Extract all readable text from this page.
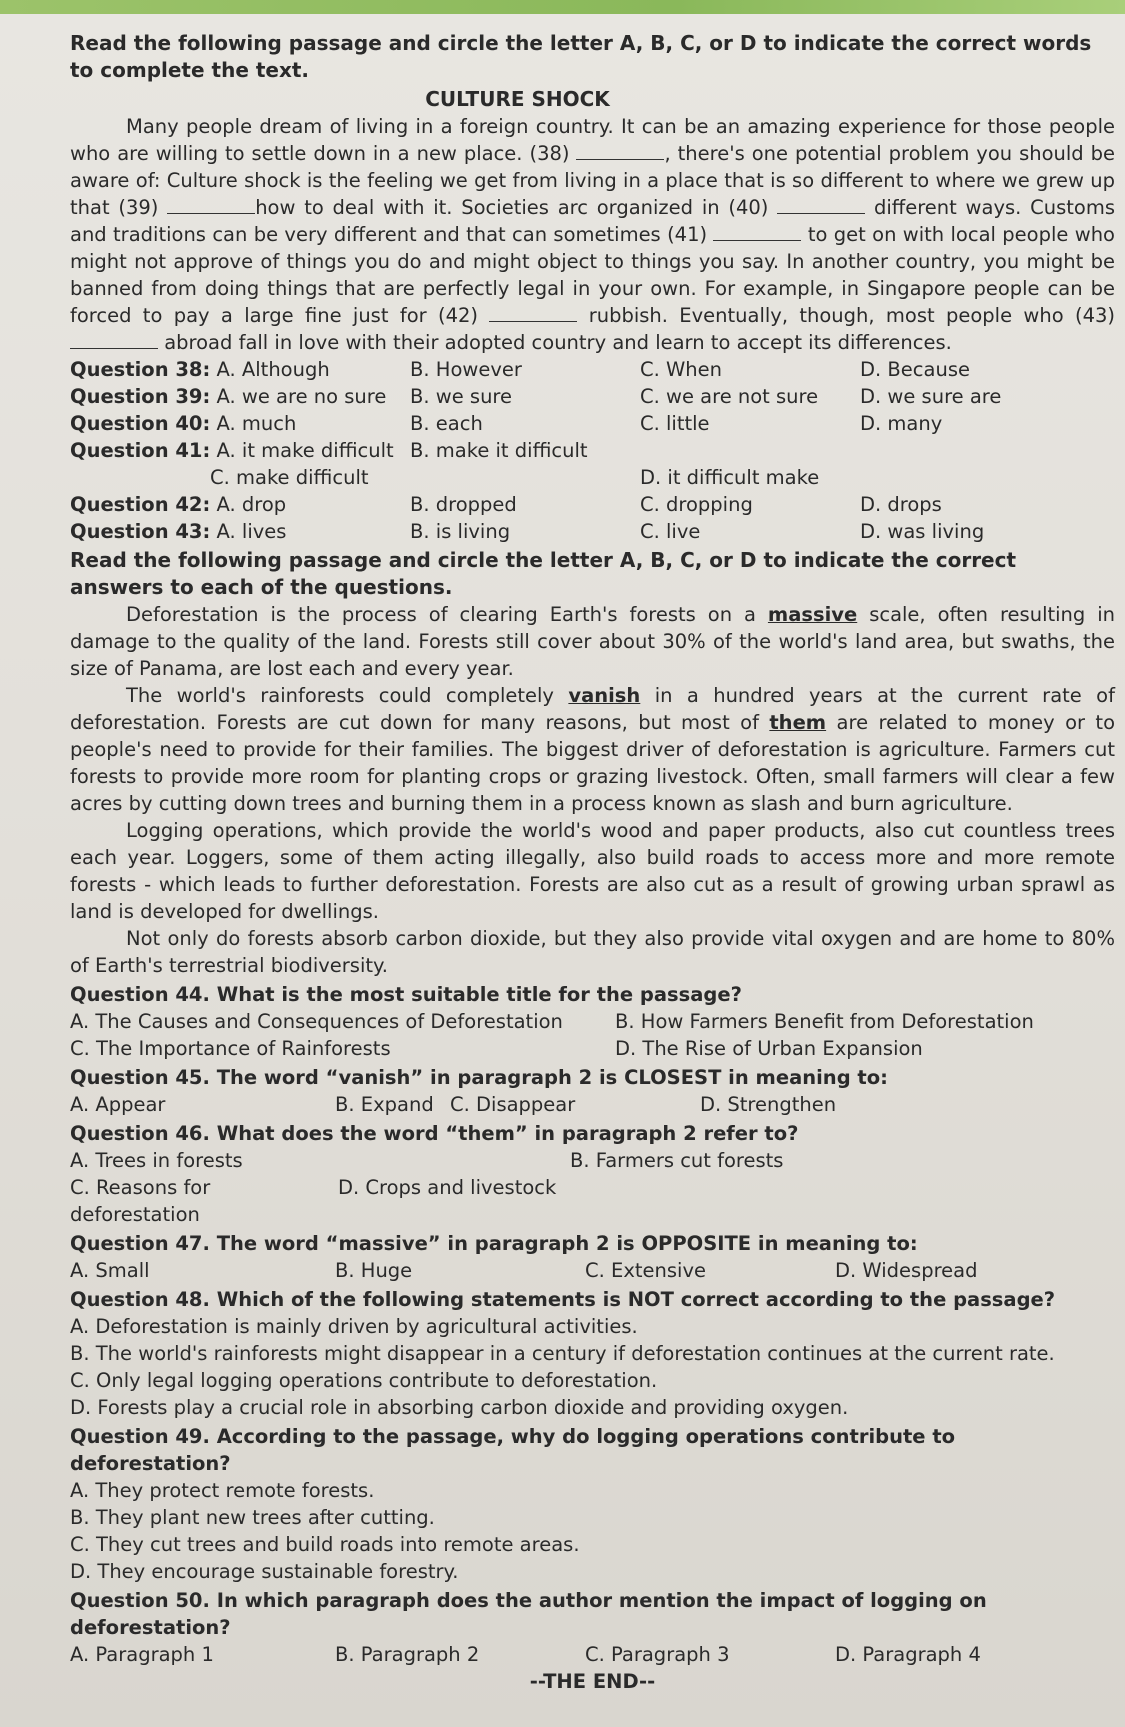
Read the following passage and circle the letter A, B, C, or D to indicate the correct words to complete the text.

CULTURE SHOCK

Many people dream of living in a foreign country. It can be an amazing experience for those people who are willing to settle down in a new place. (38)	, there's one potential problem you should be aware of: Culture shock is the feeling we get from living in a place that is so different to where we grew up that (39)	how to deal with it. Societies arc organized in (40)	different ways. Customs and traditions can be very different and that can sometimes (41)	to get on with local people who might not approve of things you do and might object to things you say. In another country, you might be banned from doing things that are perfectly legal in your own. For example, in Singapore people can be forced to pay a large fine just for (42)	rubbish. Eventually, though, most people who (43)  abroad fall in love with their adopted country and learn to accept its differences.

Question 38: A. Although	B. However	C. When	D. Because
Question 39: A. we are no sure	B. we sure	C. we are not sure	D. we sure are
Question 40: A. much	B. each	C. little	D. many
Question 41: A. it make difficult B. make it difficult
C. make difficult	D. it difficult make
Question 42: A. drop	B. dropped	C. dropping	D. drops
Question 43: A. lives	B. is living	C. live	D. was living

Read the following passage and circle the letter A, B, C, or D to indicate the correct answers to each of the questions.

Deforestation is the process of clearing Earth's forests on a massive scale, often resulting in damage to the quality of the land. Forests still cover about 30% of the world's land area, but swaths, the size of Panama, are lost each and every year.

The world's rainforests could completely vanish in a hundred years at the current rate of deforestation. Forests are cut down for many reasons, but most of them are related to money or to people's need to provide for their families. The biggest driver of deforestation is agriculture. Farmers cut forests to provide more room for planting crops or grazing livestock. Often, small farmers will clear a few acres by cutting down trees and burning them in a process known as slash and burn agriculture.

Logging operations, which provide the world's wood and paper products, also cut countless trees each year. Loggers, some of them acting illegally, also build roads to access more and more remote forests - which leads to further deforestation. Forests are also cut as a result of growing urban sprawl as land is developed for dwellings.

Not only do forests absorb carbon dioxide, but they also provide vital oxygen and are home to 80% of Earth's terrestrial biodiversity.

Question 44. What is the most suitable title for the passage?

A. The Causes and Consequences of Deforestation	B. How Farmers Benefit from Deforestation
C. The Importance of Rainforests	D. The Rise of Urban Expansion

Question 45. The word “vanish” in paragraph 2 is CLOSEST in meaning to:

A. Appear	B. Expand C. Disappear	D. Strengthen

Question 46. What does the word “them” in paragraph 2 refer to?

A. Trees in forests	B. Farmers cut forests
C. Reasons for deforestation
D. Crops and livestock

Question 47. The word “massive” in paragraph 2 is OPPOSITE in meaning to:

A. Small	B. Huge	C. Extensive	D. Widespread

Question 48. Which of the following statements is NOT correct according to the passage?

A. Deforestation is mainly driven by agricultural activities.

B. The world's rainforests might disappear in a century if deforestation continues at the current rate.

C. Only legal logging operations contribute to deforestation.

D. Forests play a crucial role in absorbing carbon dioxide and providing oxygen.

Question 49. According to the passage, why do logging operations contribute to deforestation?

A. They protect remote forests.

B. They plant new trees after cutting.

C. They cut trees and build roads into remote areas.

D. They encourage sustainable forestry.

Question 50. In which paragraph does the author mention the impact of logging on deforestation?

A. Paragraph 1	B. Paragraph 2	C. Paragraph 3	D. Paragraph 4

--THE END--
